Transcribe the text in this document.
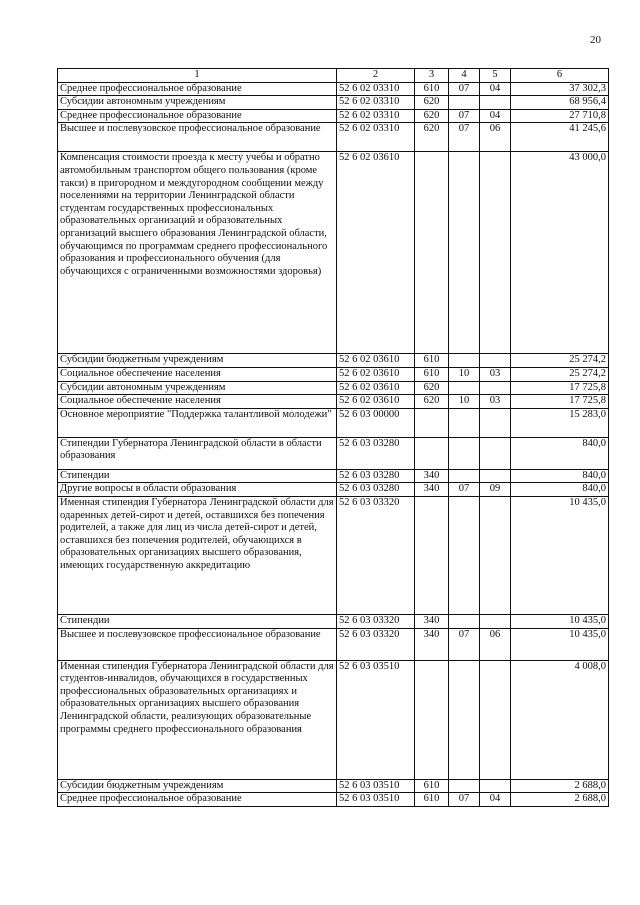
20
1	2	3	4	5	6
Среднее профессиональное образование	52 6 02 03310	610	07	04	37 302,3
Субсидии автономным учреждениям	52 6 02 03310	620			68 956,4
Среднее профессиональное образование	52 6 02 03310	620	07	04	27 710,8
Высшее и послевузовское профессиональное образование	52 6 02 03310	620	07	06	41 245,6
Компенсация стоимости проезда к месту учебы и обратно автомобильным транспортом общего пользования (кроме такси) в пригородном и междугородном сообщении между поселениями на территории Ленинградской области студентам государственных профессиональных образовательных организаций и образовательных организаций высшего образования Ленинградской области, обучающимся по программам среднего профессионального образования и профессионального обучения (для обучающихся с ограниченными возможностями здоровья)	52 6 02 03610				43 000,0
Субсидии бюджетным учреждениям	52 6 02 03610	610			25 274,2
Социальное обеспечение населения	52 6 02 03610	610	10	03	25 274,2
Субсидии автономным учреждениям	52 6 02 03610	620			17 725,8
Социальное обеспечение населения	52 6 02 03610	620	10	03	17 725,8
Основное мероприятие "Поддержка талантливой молодежи"	52 6 03 00000				15 283,0
Стипендии Губернатора Ленинградской области в области образования	52 6 03 03280				840,0
Стипендии	52 6 03 03280	340			840,0
Другие вопросы в области образования	52 6 03 03280	340	07	09	840,0
Именная стипендия Губернатора Ленинградской области для одаренных детей-сирот и детей, оставшихся без попечения родителей, а также для лиц из числа детей-сирот и детей, оставшихся без попечения родителей, обучающихся в образовательных организациях высшего образования, имеющих государственную аккредитацию	52 6 03 03320				10 435,0
Стипендии	52 6 03 03320	340			10 435,0
Высшее и послевузовское профессиональное образование	52 6 03 03320	340	07	06	10 435,0
Именная стипендия Губернатора Ленинградской области для студентов-инвалидов, обучающихся в государственных профессиональных образовательных организациях и образовательных организациях высшего образования Ленинградской области, реализующих образовательные программы среднего профессионального образования	52 6 03 03510				4 008,0
Субсидии бюджетным учреждениям	52 6 03 03510	610			2 688,0
Среднее профессиональное образование	52 6 03 03510	610	07	04	2 688,0
